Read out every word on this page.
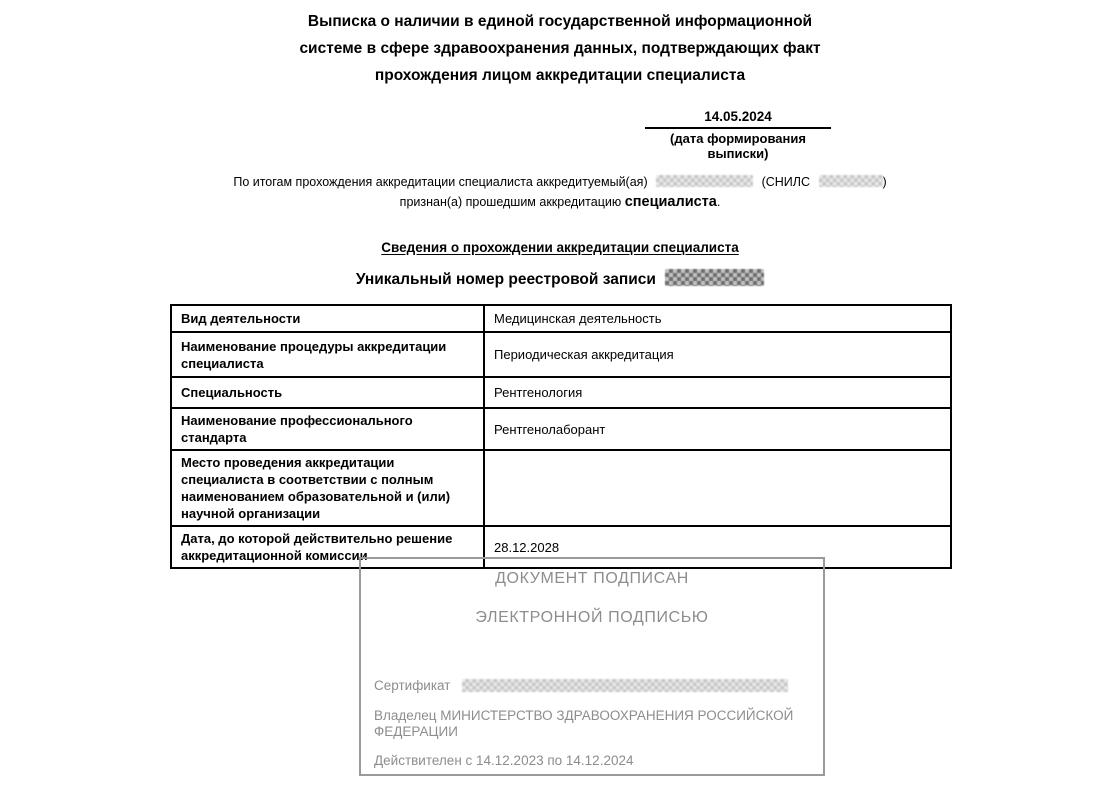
Выписка о наличии в единой государственной информационной
системе в сфере здравоохранения данных, подтверждающих факт
прохождения лицом аккредитации специалиста
14.05.2024
(дата формирования выписки)
По итогам прохождения аккредитации специалиста аккредитуемый(ая)	(СНИЛС	)
признан(а) прошедшим аккредитацию специалиста.
Сведения о прохождении аккредитации специалиста
Уникальный номер реестровой записи
Вид деятельности	Медицинская деятельность
Наименование процедуры аккредитации специалиста	Периодическая аккредитация
Специальность	Рентгенология
Наименование профессионального стандарта	Рентгенолаборант
Место проведения аккредитации специалиста в соответствии с полным наименованием образовательной и (или) научной организации	
Дата, до которой действительно решение аккредитационной комиссии	28.12.2028
ДОКУМЕНТ ПОДПИСАН
ЭЛЕКТРОННОЙ ПОДПИСЬЮ
Сертификат
Владелец МИНИСТЕРСТВО ЗДРАВООХРАНЕНИЯ РОССИЙСКОЙ ФЕДЕРАЦИИ
Действителен с 14.12.2023 по 14.12.2024
